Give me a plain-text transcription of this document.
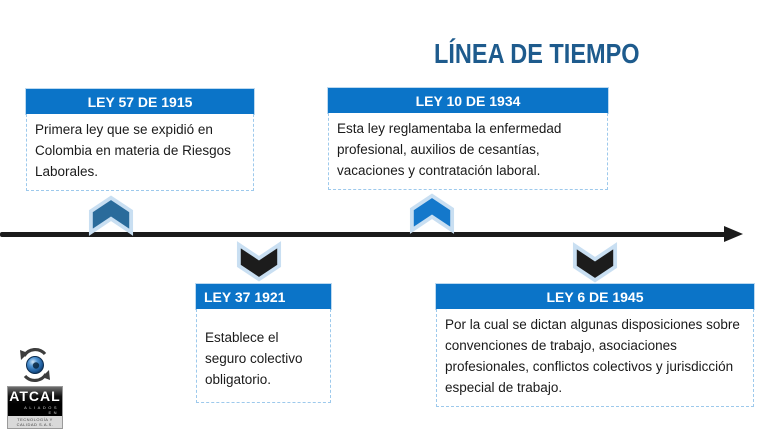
LÍNEA DE TIEMPO
LEY 57 DE 1915
Primera ley que se expidió en Colombia en materia de Riesgos Laborales.
LEY 10 DE 1934
Esta ley reglamentaba la enfermedad profesional, auxilios de cesantías, vacaciones y contratación laboral.
LEY 37 1921
Establece el seguro colectivo obligatorio.
LEY 6 DE 1945
Por la cual se dictan algunas disposiciones sobre convenciones de trabajo, asociaciones profesionales, conflictos colectivos y jurisdicción especial de trabajo.
ATCAL
ALIADOS EN
TECNOLOGÍA Y CALIDAD S.A.S.
